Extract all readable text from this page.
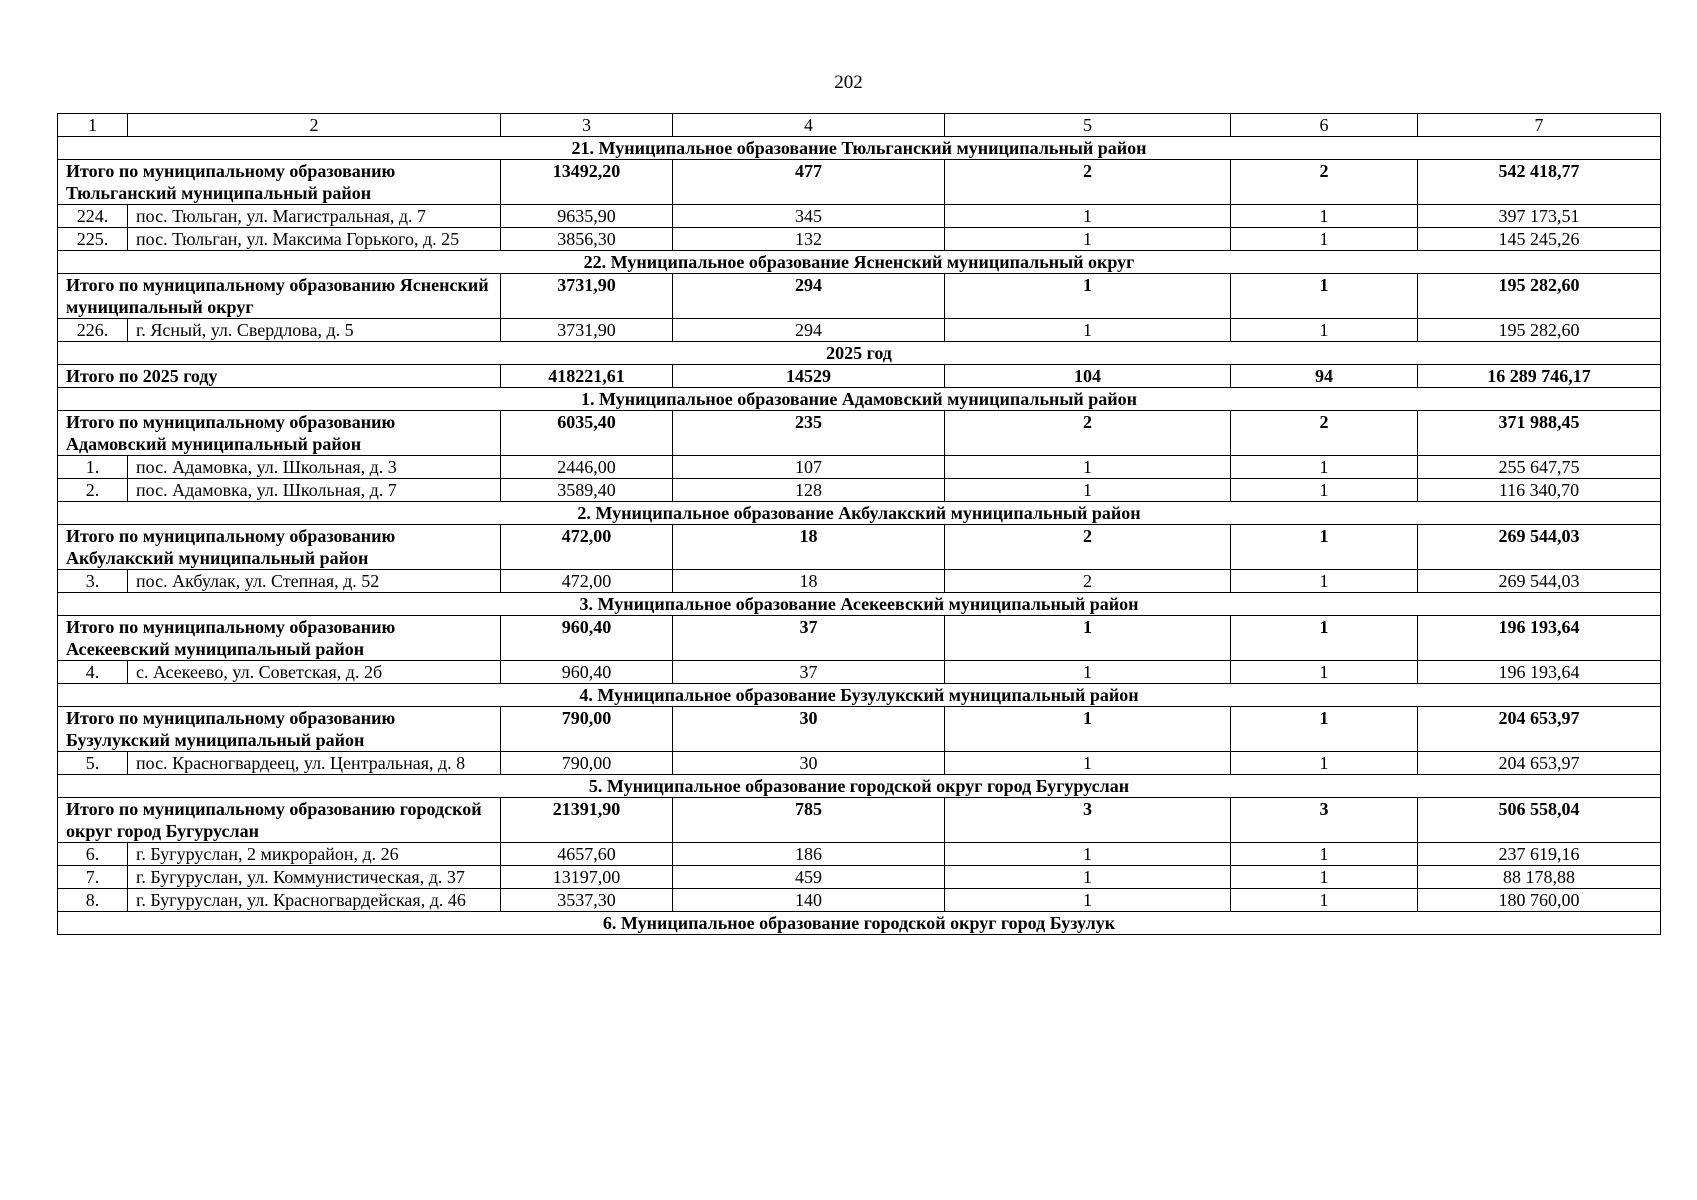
202
1	2	3	4	5	6	7
21. Муниципальное образование Тюльганский муниципальный район						
Итого по муниципальному образованию Тюльганский муниципальный район		13492,20	477	2	2	542 418,77
224.	пос. Тюльган, ул. Магистральная, д. 7	9635,90	345	1	1	397 173,51
225.	пос. Тюльган, ул. Максима Горького, д. 25	3856,30	132	1	1	145 245,26
22. Муниципальное образование Ясненский муниципальный округ						
Итого по муниципальному образованию Ясненский муниципальный округ		3731,90	294	1	1	195 282,60
226.	г. Ясный, ул. Свердлова, д. 5	3731,90	294	1	1	195 282,60
2025 год						
Итого по 2025 году		418221,61	14529	104	94	16 289 746,17
1. Муниципальное образование Адамовский муниципальный район						
Итого по муниципальному образованию Адамовский муниципальный район		6035,40	235	2	2	371 988,45
1.	пос. Адамовка, ул. Школьная, д. 3	2446,00	107	1	1	255 647,75
2.	пос. Адамовка, ул. Школьная, д. 7	3589,40	128	1	1	116 340,70
2. Муниципальное образование Акбулакский муниципальный район						
Итого по муниципальному образованию Акбулакский муниципальный район		472,00	18	2	1	269 544,03
3.	пос. Акбулак, ул. Степная, д. 52	472,00	18	2	1	269 544,03
3. Муниципальное образование Асекеевский муниципальный район						
Итого по муниципальному образованию Асекеевский муниципальный район		960,40	37	1	1	196 193,64
4.	с. Асекеево, ул. Советская, д. 2б	960,40	37	1	1	196 193,64
4. Муниципальное образование Бузулукский муниципальный район						
Итого по муниципальному образованию Бузулукский муниципальный район		790,00	30	1	1	204 653,97
5.	пос. Красногвардеец, ул. Центральная, д. 8	790,00	30	1	1	204 653,97
5. Муниципальное образование городской округ город Бугуруслан						
Итого по муниципальному образованию городской округ город Бугуруслан		21391,90	785	3	3	506 558,04
6.	г. Бугуруслан, 2 микрорайон, д. 26	4657,60	186	1	1	237 619,16
7.	г. Бугуруслан, ул. Коммунистическая, д. 37	13197,00	459	1	1	88 178,88
8.	г. Бугуруслан, ул. Красногвардейская, д. 46	3537,30	140	1	1	180 760,00
6. Муниципальное образование городской округ город Бузулук						
